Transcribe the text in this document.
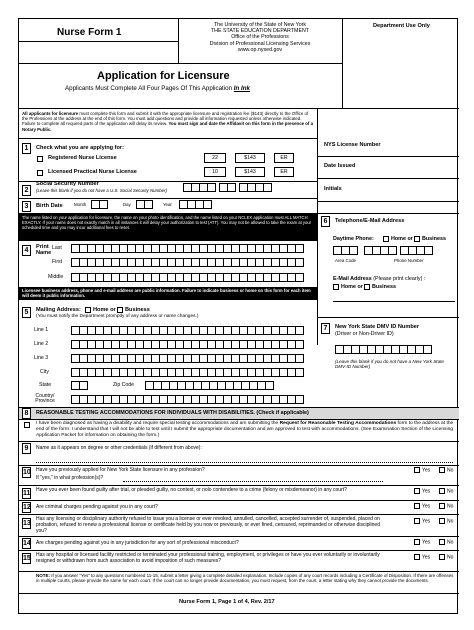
Nurse Form 1
The University of the State of New York
THE STATE EDUCATION DEPARTMENT
Office of the Professions
Division of Professional Licensing Services
www.op.nysed.gov
Application for Licensure
Applicants Must Complete All Four Pages Of This Application In Ink
Department Use Only
All applicants for licensure must complete this form and submit it with the appropriate licensure and registration fee ($143) directly to the Office of the Professions at the address at the end of this form. You must add questions and provide all information requested unless otherwise indicated. Failure to complete all required parts of the application will delay its review. You must sign and date the Affidavit on this form in the presence of a Notary Public.
NYS License Number
Date Issued
Initials
1	Check what you are applying for:
Registered Nurse License	22	$143	ER
Licensed Practical Nurse License	10	$143	ER
2
Social Security Number
(Leave this blank if you do not have a U.S. Social Security Number)
3	Birth Date	Month	Day	Year
The name listed on your application for licensure, the name on your photo identification, and the name listed on your NCLEX application must ALL MATCH EXACTLY. If your name does not exactly match in all instances it will delay your authorization to test (ATT). You may not be allowed to take the exam at your scheduled time and you may incur additional fees to reset.
4	Print Name
Last
First
Middle
Licensee business address, phone and e-mail address are public information. Failure to indicate business or home on this form for each item will deem it public information.
6	Telephone/E-Mail Address
Daytime Phone:	Home or Business
Area Code	Phone Number
E-Mail Address (Please print clearly) :
Home or Business
5	Mailing Address: Home or Business
(You must notify the Department promptly of any address or name changes.)
Line 1
Line 2
Line 3
City
State	Zip Code
Country/ Province
7	New York State DMV ID Number
(Driver or Non-Driver ID)
(Leave this blank if you do not have a New York State DMV ID Number)
8	REASONABLE TESTING ACCOMMODATIONS FOR INDIVIDUALS WITH DISABILITIES. (Check if applicable)
I have been diagnosed as having a disability and require special testing accommodations and am submitting the Request for Reasonable Testing Accommodations form to the address at the end of the form. I understand that I will not be able to test until I submit the appropriate documentation and am approved to test with accommodations. (See Examination Section of the Licensing Application Packet for information on obtaining the form.)
9	Name as it appears on degree or other credentials (if different from above):
10 Have you previously applied for New York State licensure in any profession?
If "yes," in what profession(s)?
Yes	No
11 Have you ever been found guilty after trial, or pleaded guilty, no contest, or nolo contendere to a crime (felony or misdemeanor) in any court?	Yes	No
12 Are criminal charges pending against you in any court?	Yes	No
13
Has any licensing or disciplinary authority refused to issue you a license or ever revoked, annulled, cancelled, accepted surrender of, suspended, placed on probation, refused to renew a professional license or certificate held by you now or previously, or ever fined, censured, reprimanded or otherwise disciplined you?
Yes	No
14 Are charges pending against you in any jurisdiction for any sort of professional misconduct?	Yes	No
15 Has any hospital or licensed facility restricted or terminated your professional training, employment, or privileges or have you ever voluntarily or involuntarily resigned or withdrawn from such association to avoid imposition of such measures?
Yes	No
NOTE: If you answer "Yes" to any questions numbered 11-15, submit a letter giving a complete detailed explanation. Include copies of any court records including a Certificate of Disposition. If there are offenses in multiple courts, please provide the same for each court. If the court can no longer provide documentation, you must request, from the court, a letter stating why they cannot provide the documents.
Nurse Form 1, Page 1 of 4, Rev. 2/17
